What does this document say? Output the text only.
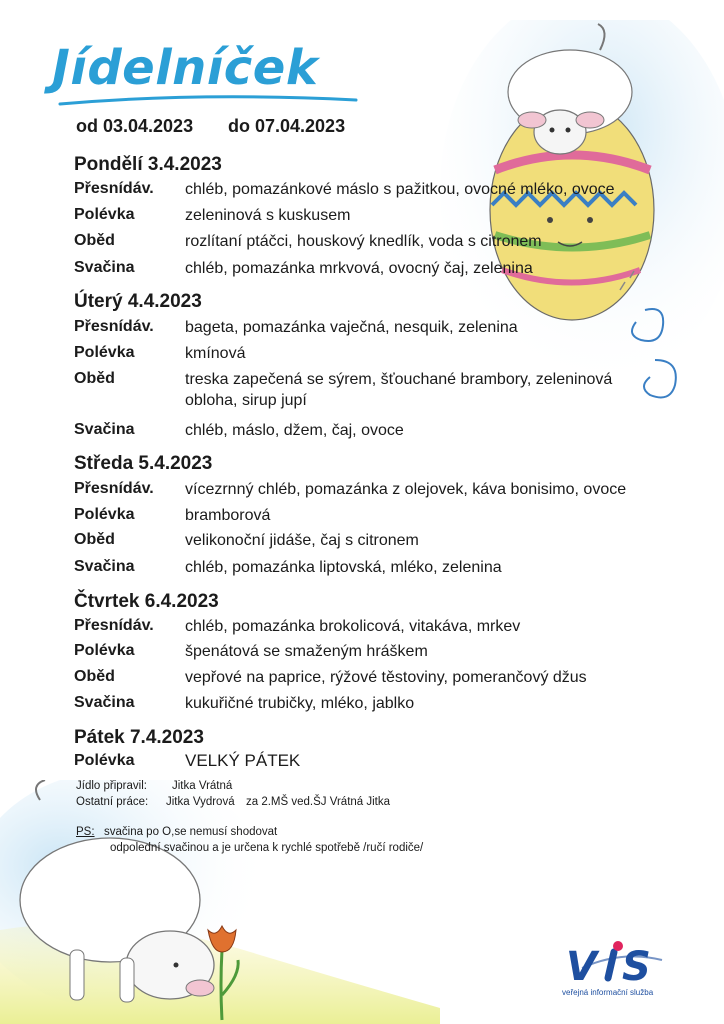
Jídelníček
od 03.04.2023 do 07.04.2023
Pondělí 3.4.2023
Přesnídáv. chléb, pomazánkové máslo s pažitkou, ovocné mléko, ovoce
Polévka	zeleninová s kuskusem
Oběd	rozlítaní ptáčci, houskový knedlík, voda s citronem
Svačina	chléb, pomazánka mrkvová, ovocný čaj, zelenina
Úterý 4.4.2023
Přesnídáv. bageta, pomazánka vaječná, nesquik, zelenina
Polévka	kmínová
Oběd	treska zapečená se sýrem, šťouchané brambory, zeleninová
obloha, sirup jupí
Svačina	chléb, máslo, džem, čaj, ovoce
Středa 5.4.2023
Přesnídáv. vícezrnný chléb, pomazánka z olejovek, káva bonisimo, ovoce
Polévka	bramborová
Oběd	velikonoční jidáše, čaj s citronem
Svačina	chléb, pomazánka liptovská, mléko, zelenina
Čtvrtek 6.4.2023
Přesnídáv. chléb, pomazánka brokolicová, vitakáva, mrkev
Polévka	špenátová se smaženým hráškem
Oběd	vepřové na paprice, rýžové těstoviny, pomerančový džus
Svačina	kukuřičné trubičky, mléko, jablko
Pátek 7.4.2023
Polévka	VELKÝ PÁTEK
Jídlo připravil: Jitka Vrátná
Ostatní práce: Jitka Vydrová za 2.MŠ ved.ŠJ Vrátná Jitka
PS: svačina po O,se nemusí shodovat
odpolední svačinou a je určena k rychlé spotřebě /ručí rodiče/
V S
veřejná informační služba
